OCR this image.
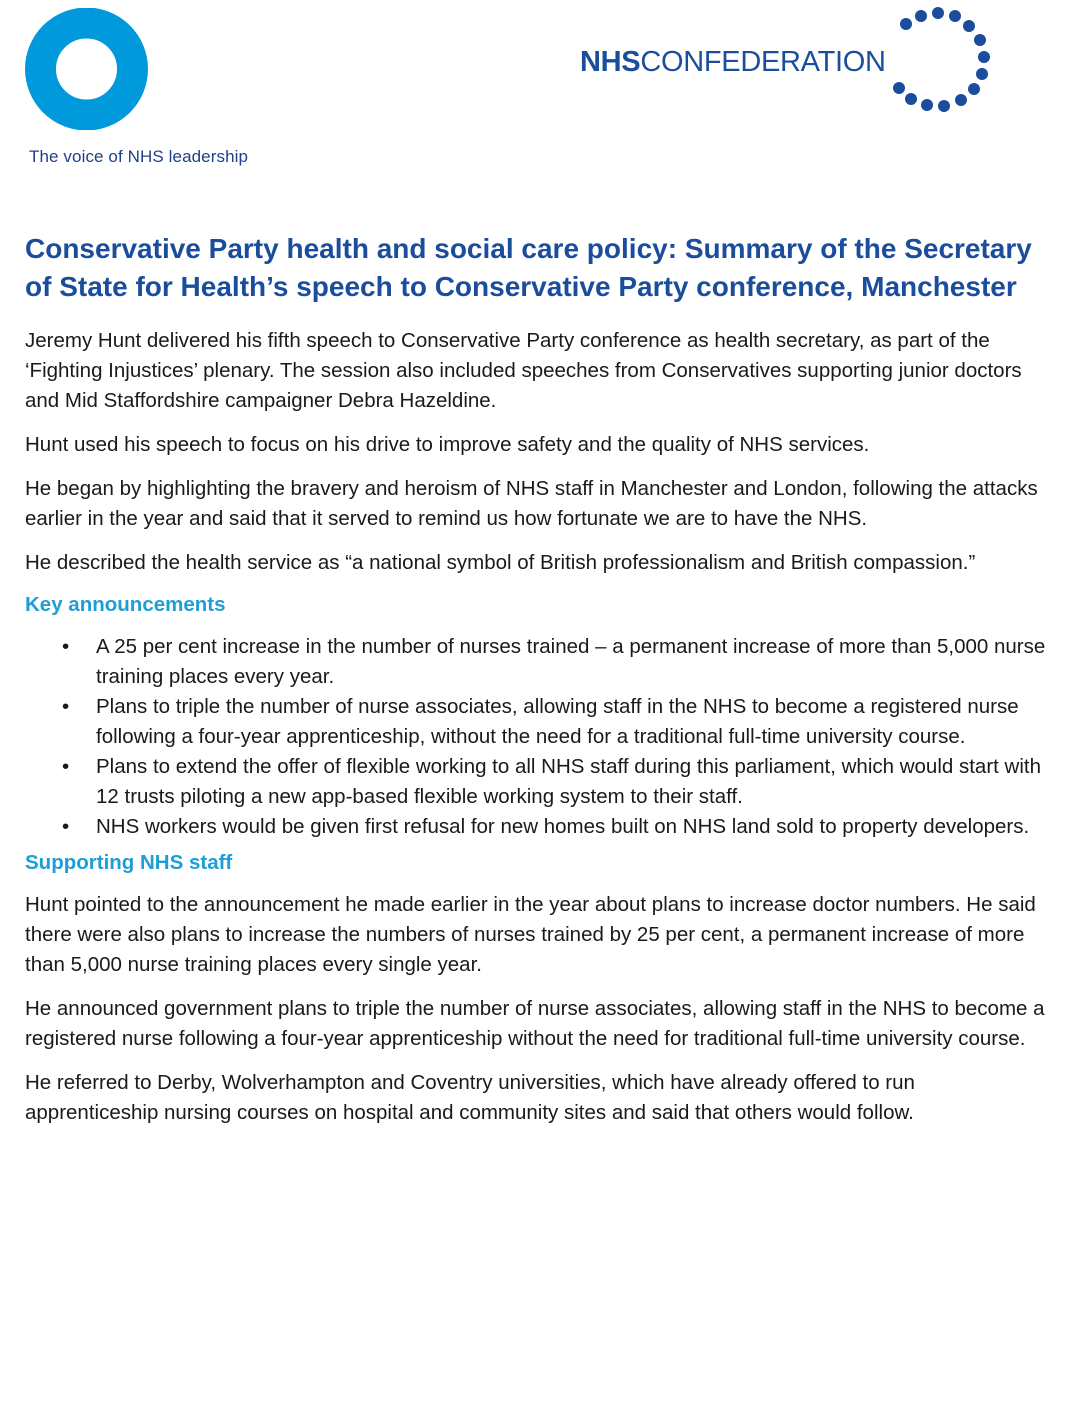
The voice of NHS leadership
NHSCONFEDERATION
Conservative Party health and social care policy: Summary of the Secretary of State for Health’s speech to Conservative Party conference, Manchester

Jeremy Hunt delivered his fifth speech to Conservative Party conference as health secretary, as part of the ‘Fighting Injustices’ plenary. The session also included speeches from Conservatives supporting junior doctors and Mid Staffordshire campaigner Debra Hazeldine.

Hunt used his speech to focus on his drive to improve safety and the quality of NHS services.

He began by highlighting the bravery and heroism of NHS staff in Manchester and London, following the attacks earlier in the year and said that it served to remind us how fortunate we are to have the NHS.

He described the health service as “a national symbol of British professionalism and British compassion.”

Key announcements
• A 25 per cent increase in the number of nurses trained – a permanent increase of more than 5,000 nurse training places every year.
• Plans to triple the number of nurse associates, allowing staff in the NHS to become a registered nurse following a four-year apprenticeship, without the need for a traditional full-time university course.
• Plans to extend the offer of flexible working to all NHS staff during this parliament, which would start with 12 trusts piloting a new app-based flexible working system to their staff.
• NHS workers would be given first refusal for new homes built on NHS land sold to property developers.
Supporting NHS staff

Hunt pointed to the announcement he made earlier in the year about plans to increase doctor numbers. He said there were also plans to increase the numbers of nurses trained by 25 per cent, a permanent increase of more than 5,000 nurse training places every single year.

He announced government plans to triple the number of nurse associates, allowing staff in the NHS to become a registered nurse following a four-year apprenticeship without the need for traditional full-time university course.

He referred to Derby, Wolverhampton and Coventry universities, which have already offered to run apprenticeship nursing courses on hospital and community sites and said that others would follow.
